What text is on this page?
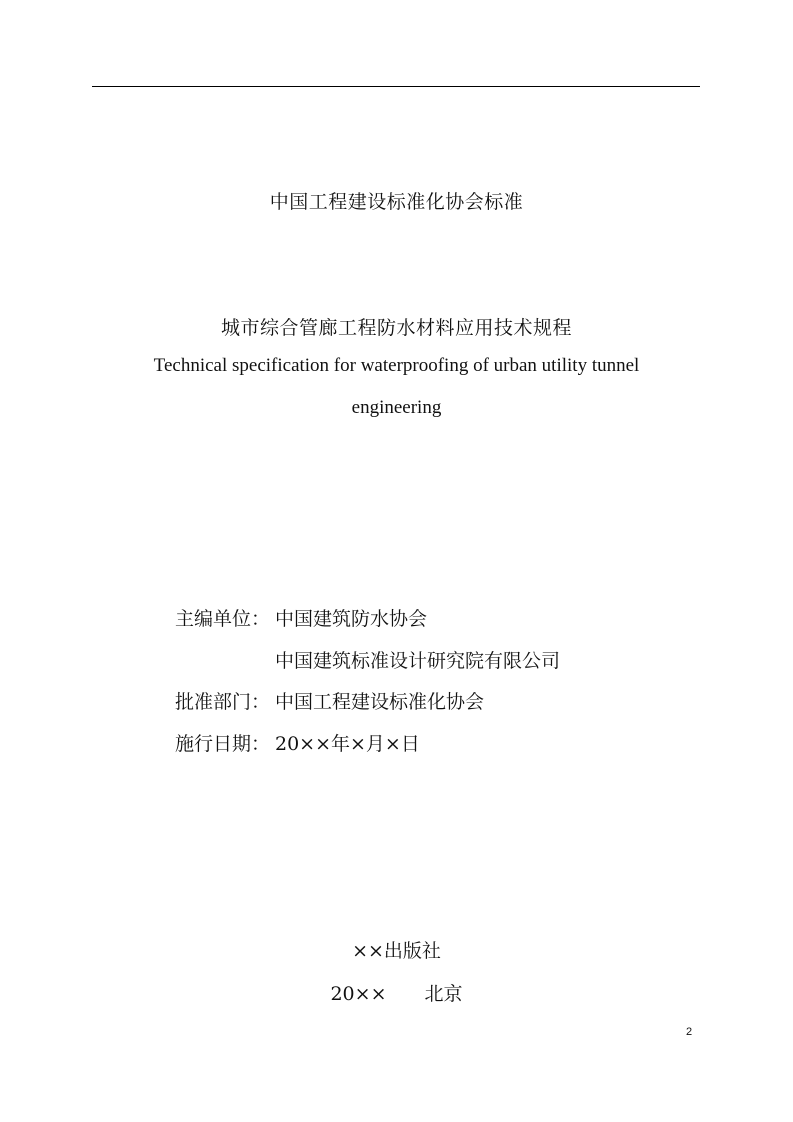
中国工程建设标准化协会标准
城市综合管廊工程防水材料应用技术规程
Technical specification for waterproofing of urban utility tunnel
engineering
主编单位： 中国建筑防水协会
中国建筑标准设计研究院有限公司
批准部门： 中国工程建设标准化协会
施行日期： 20××年×月×日
××出版社
20×× 北京
2
